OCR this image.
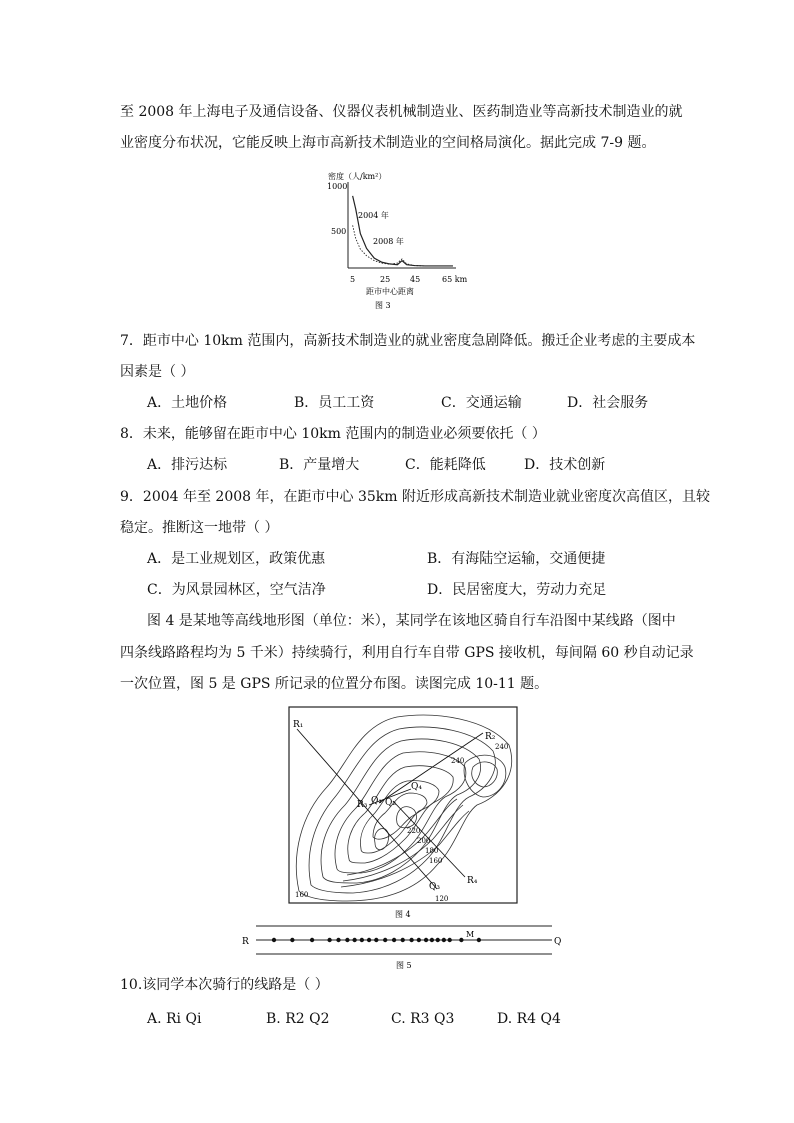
至 2008 年上海电子及通信设备、仪器仪表机械制造业、医药制造业等高新技术制造业的就
业密度分布状况，它能反映上海市高新技术制造业的空间格局演化。据此完成 7-9 题。
密度（人/km²）
1000
500
2004 年
2008 年
5	25 45	65 km
距市中心距离
图 3
7．距市中心 10km 范围内，高新技术制造业的就业密度急剧降低。搬迁企业考虑的主要成本
因素是（ ）
A．土地价格	B．员工工资	C．交通运输	D．社会服务
8．未来，能够留在距市中心 10km 范围内的制造业必须要依托（ ）
A．排污达标	B．产量增大	C．能耗降低	D．技术创新
9．2004 年至 2008 年，在距市中心 35km 附近形成高新技术制造业就业密度次高值区，且较
稳定。推断这一地带（ ）
A．是工业规划区，政策优惠	B．有海陆空运输，交通便捷
C．为风景园林区，空气洁净	D．民居密度大，劳动力充足
图 4 是某地等高线地形图（单位：米），某同学在该地区骑自行车沿图中某线路（图中
四条线路路程均为 5 千米）持续骑行，利用自行车自带 GPS 接收机，每间隔 60 秒自动记录
一次位置，图 5 是 GPS 所记录的位置分布图。读图完成 10-11 题。
R₁
R₂
R₃
R₄
Q₁ Q₂
Q₃
Q₄
240
240
220
200
180
160
160	120
图 4
R	Q
M
图 5
10.该同学本次骑行的线路是（ ）
A. Ri Qi	B. R2 Q2	C. R3 Q3	D. R4 Q4
